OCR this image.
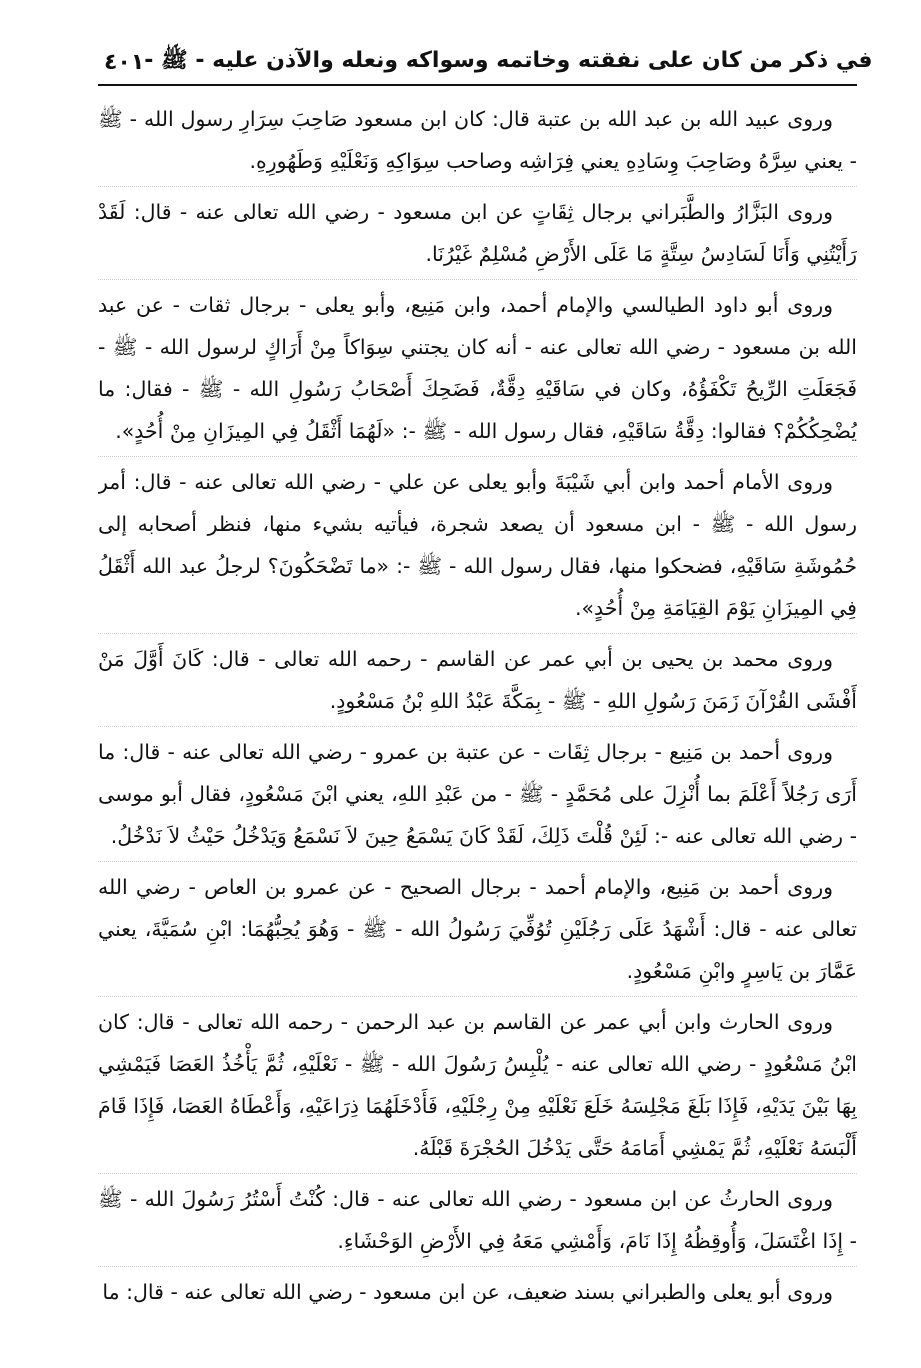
٤٠١ في ذكر من كان على نفقته وخاتمه وسواكه ونعله والآذن عليه - ﷺ -

وروى عبيد الله بن عبد الله بن عتبة قال: كان ابن مسعود صَاحِبَ سِرَارِ رسول الله - ﷺ - يعني سِرَّهُ وصَاحِبَ وِسَادِهِ يعني فِرَاشِه وصاحب سِوَاكِهِ وَنَعْلَيْهِ وَطَهُورِهِ.

وروى البَزَّارُ والطَّبَراني برجال ثِقَاتٍ عن ابن مسعود - رضي الله تعالى عنه - قال: لَقَدْ رَأَيْتُنِي وَأَنَا لَسَادِسُ سِتَّةٍ مَا عَلَى الأَرْضِ مُسْلِمٌ غَيْرُنَا.

وروى أبو داود الطيالسي والإمام أحمد، وابن مَنِيع، وأبو يعلى - برجال ثقات - عن عبد الله بن مسعود - رضي الله تعالى عنه - أنه كان يجتني سِوَاكاً مِنْ أَرَاكٍ لرسول الله - ﷺ - فَجَعَلَتِ الرِّيحُ تَكْفَؤُهُ، وكان في سَاقَيْهِ دِقَّةٌ، فَضَحِكَ أَصْحَابُ رَسُولِ الله - ﷺ - فقال: ما يُضْحِكُكُمْ؟ فقالوا: دِقَّةُ سَاقَيْهِ، فقال رسول الله - ﷺ -: «لَهُمَا أَثْقَلُ فِي المِيزَانِ مِنْ أُحُدٍ».

وروى الأمام أحمد وابن أبي شَيْبَةَ وأبو يعلى عن علي - رضي الله تعالى عنه - قال: أمر رسول الله - ﷺ - ابن مسعود أن يصعد شجرة، فيأتيه بشيء منها، فنظر أصحابه إلى حُمُوشَةِ سَاقَيْهِ، فضحكوا منها، فقال رسول الله - ﷺ -: «ما تَضْحَكُونَ؟ لرجلُ عبد الله أَثْقَلُ فِي المِيزَانِ يَوْمَ القِيَامَةِ مِنْ أُحُدٍ».

وروى محمد بن يحيى بن أبي عمر عن القاسم - رحمه الله تعالى - قال: كَانَ أَوَّلَ مَنْ أَفْشَى القُرْآنَ زَمَنَ رَسُولِ اللهِ - ﷺ - بِمَكَّةَ عَبْدُ اللهِ بْنُ مَسْعُودٍ.

وروى أحمد بن مَنِيع - برجال ثِقَات - عن عتبة بن عمرو - رضي الله تعالى عنه - قال: ما أَرَى رَجُلاً أَعْلَمَ بما أُنْزِلَ على مُحَمَّدٍ - ﷺ - من عَبْدِ اللهِ، يعني ابْنَ مَسْعُودٍ، فقال أبو موسى - رضي الله تعالى عنه -: لَئِنْ قُلْتَ ذَلِكَ، لَقَدْ كَانَ يَسْمَعُ حِينَ لاَ نَسْمَعُ وَيَدْخُلُ حَيْثُ لاَ نَدْخُلُ.

وروى أحمد بن مَنِيع، والإمام أحمد - برجال الصحيح - عن عمرو بن العاص - رضي الله تعالى عنه - قال: أَشْهَدُ عَلَى رَجُلَيْنِ تُوُفِّيَ رَسُولُ الله - ﷺ - وَهُوَ يُحِبُّهُمَا: ابْنِ سُمَيَّةَ، يعني عَمَّارَ بن يَاسِرٍ وابْنِ مَسْعُودٍ.

وروى الحارث وابن أبي عمر عن القاسم بن عبد الرحمن - رحمه الله تعالى - قال: كان ابْنُ مَسْعُودٍ - رضي الله تعالى عنه - يُلْبِسُ رَسُولَ الله - ﷺ - نَعْلَيْهِ، ثُمَّ يَأْخُذُ العَصَا فَيَمْشِي بِهَا بَيْنَ يَدَيْهِ، فَإِذَا بَلَغَ مَجْلِسَهُ خَلَعَ نَعْلَيْهِ مِنْ رِجْلَيْهِ، فَأَدْخَلَهُمَا ذِرَاعَيْهِ، وَأَعْطَاهُ العَصَا، فَإِذَا قَامَ أَلْبَسَهُ نَعْلَيْهِ، ثُمَّ يَمْشِي أَمَامَهُ حَتَّى يَدْخُلَ الحُجْرَةَ قَبْلَهُ.

وروى الحارثُ عن ابن مسعود - رضي الله تعالى عنه - قال: كُنْتُ أَسْتُرُ رَسُولَ الله - ﷺ - إِذَا اغْتَسَلَ، وَأُوقِظُهُ إِذَا نَامَ، وَأَمْشِي مَعَهُ فِي الأَرْضِ الوَحْشَاءِ.

وروى أبو يعلى والطبراني بسند ضعيف، عن ابن مسعود - رضي الله تعالى عنه - قال: ما
